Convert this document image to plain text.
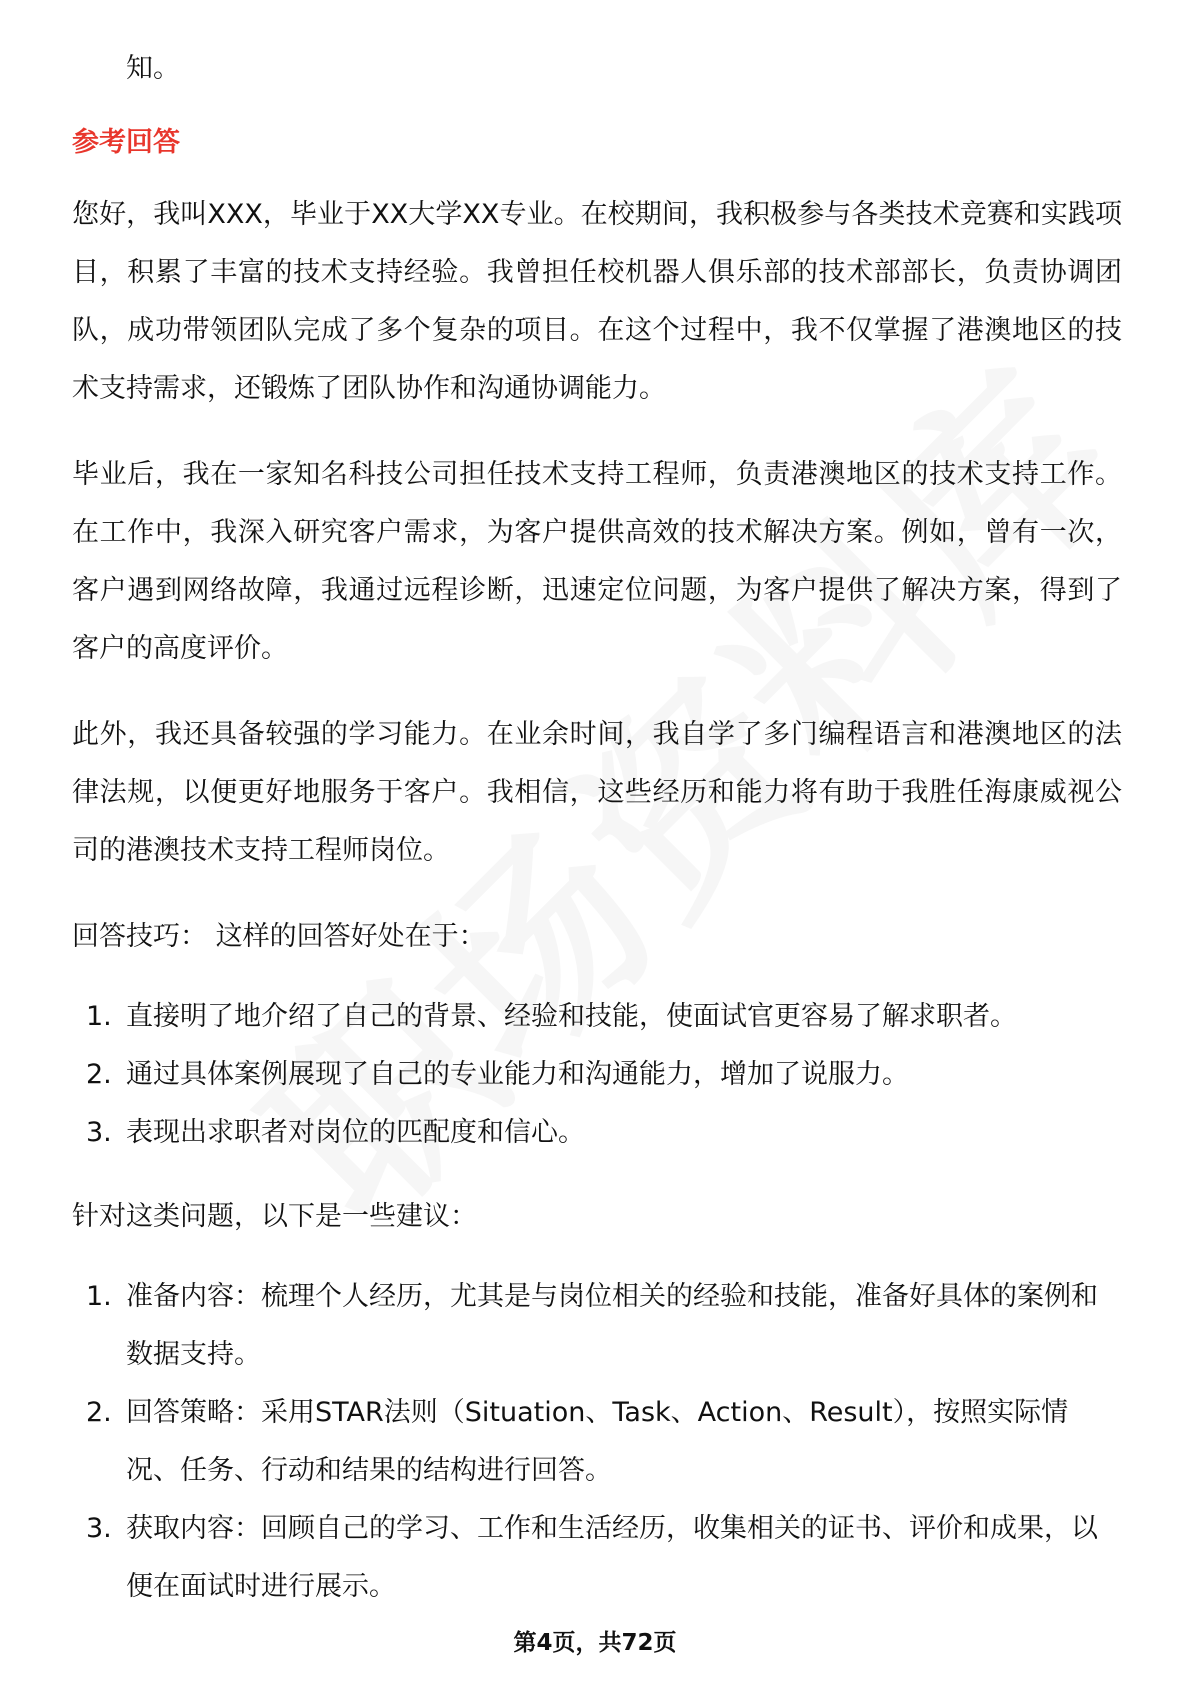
知。

参考回答

您好，我叫XXX，毕业于XX大学XX专业。在校期间，我积极参与各类技术竞赛和实践项目，积累了丰富的技术支持经验。我曾担任校机器人俱乐部的技术部部长，负责协调团队，成功带领团队完成了多个复杂的项目。在这个过程中，我不仅掌握了港澳地区的技术支持需求，还锻炼了团队协作和沟通协调能力。

毕业后，我在一家知名科技公司担任技术支持工程师，负责港澳地区的技术支持工作。在工作中，我深入研究客户需求，为客户提供高效的技术解决方案。例如，曾有一次，客户遇到网络故障，我通过远程诊断，迅速定位问题，为客户提供了解决方案，得到了客户的高度评价。

此外，我还具备较强的学习能力。在业余时间，我自学了多门编程语言和港澳地区的法律法规，以便更好地服务于客户。我相信，这些经历和能力将有助于我胜任海康威视公司的港澳技术支持工程师岗位。

回答技巧： 这样的回答好处在于：

1. 直接明了地介绍了自己的背景、经验和技能，使面试官更容易了解求职者。
2. 通过具体案例展现了自己的专业能力和沟通能力，增加了说服力。
3. 表现出求职者对岗位的匹配度和信心。

针对这类问题，以下是一些建议：

1. 准备内容：梳理个人经历，尤其是与岗位相关的经验和技能，准备好具体的案例和数据支持。
2. 回答策略：采用STAR法则（Situation、Task、Action、Result），按照实际情况、任务、行动和结果的结构进行回答。
3. 获取内容：回顾自己的学习、工作和生活经历，收集相关的证书、评价和成果，以便在面试时进行展示。
第4页，共72页
